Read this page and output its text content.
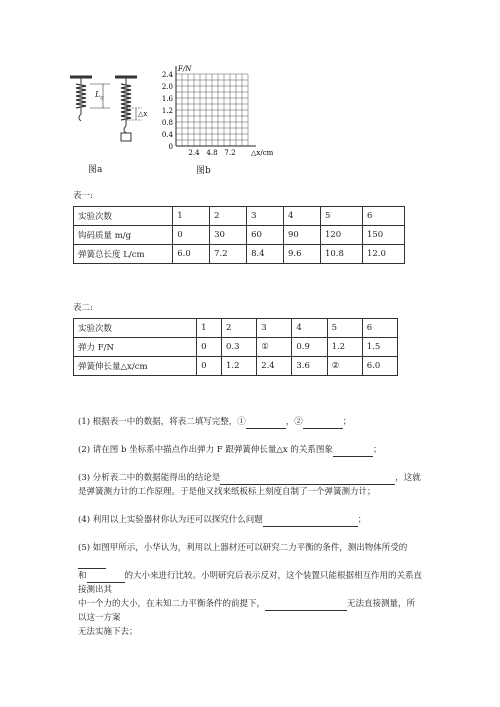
$L_0$
△x
图a
0
0.4
0.8
1.2
1.6
2.0
2.4
2.4 4.8 7.2
F/N
△x/cm
图b
表一:
实验次数	1	2	3	4	5	6
钩码质量 m/g	0	30	60	90	120	150
弹簧总长度 L/cm	6.0	7.2	8.4	9.6	10.8	12.0
表二:
实验次数	1	2	3	4	5	6
弹力 F/N	0	0.3	①	0.9	1.2	1.5
弹簧伸长量△x/cm	0	1.2	2.4	3.6	②	6.0
(1) 根据表一中的数据，将表二填写完整，①	，②	；
(2) 请在图 b 坐标系中描点作出弹力 F 跟弹簧伸长量△x 的关系图象	；
(3) 分析表二中的数据能得出的结论是	，这就
是弹簧测力计的工作原理。于是他又找来纸板标上刻度自制了一个弹簧测力计；
(4) 利用以上实验器材你认为还可以探究什么问题	；
(5) 如图甲所示，小华认为，利用以上器材还可以研究二力平衡的条件，测出物体所受的
和	的大小来进行比较。小明研究后表示反对，这个装置只能根据相互作用的关系直接测出其
中一个力的大小，在未知二力平衡条件的前提下，	无法直接测量，所以这一方案
无法实施下去；
